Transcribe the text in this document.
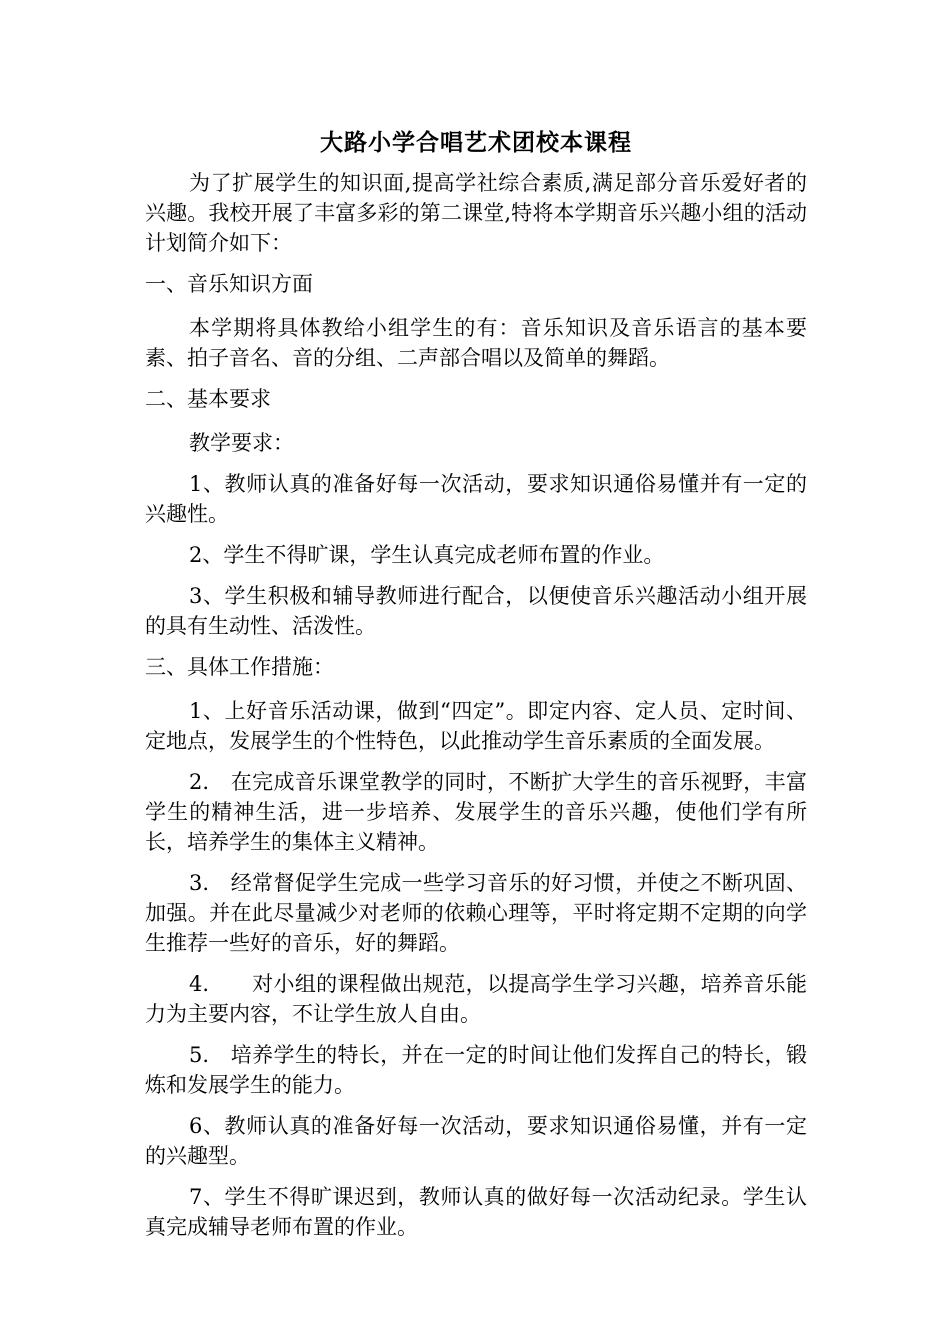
大路小学合唱艺术团校本课程

为了扩展学生的知识面,提高学社综合素质,满足部分音乐爱好者的兴趣。我校开展了丰富多彩的第二课堂,特将本学期音乐兴趣小组的活动计划简介如下：

一、音乐知识方面

本学期将具体教给小组学生的有：音乐知识及音乐语言的基本要素、拍子音名、音的分组、二声部合唱以及简单的舞蹈。

二、基本要求

教学要求：

1、教师认真的准备好每一次活动，要求知识通俗易懂并有一定的兴趣性。

2、学生不得旷课，学生认真完成老师布置的作业。

3、学生积极和辅导教师进行配合，以便使音乐兴趣活动小组开展的具有生动性、活泼性。

三、具体工作措施：

1、上好音乐活动课，做到“四定”。即定内容、定人员、定时间、定地点，发展学生的个性特色，以此推动学生音乐素质的全面发展。

2.　在完成音乐课堂教学的同时，不断扩大学生的音乐视野，丰富学生的精神生活，进一步培养、发展学生的音乐兴趣，使他们学有所长，培养学生的集体主义精神。

3.　经常督促学生完成一些学习音乐的好习惯，并使之不断巩固、加强。并在此尽量减少对老师的依赖心理等，平时将定期不定期的向学生推荐一些好的音乐，好的舞蹈。

4.　　对小组的课程做出规范，以提高学生学习兴趣，培养音乐能力为主要内容，不让学生放人自由。

5.　培养学生的特长，并在一定的时间让他们发挥自己的特长，锻炼和发展学生的能力。

6、教师认真的准备好每一次活动，要求知识通俗易懂，并有一定的兴趣型。

7、学生不得旷课迟到，教师认真的做好每一次活动纪录。学生认真完成辅导老师布置的作业。
